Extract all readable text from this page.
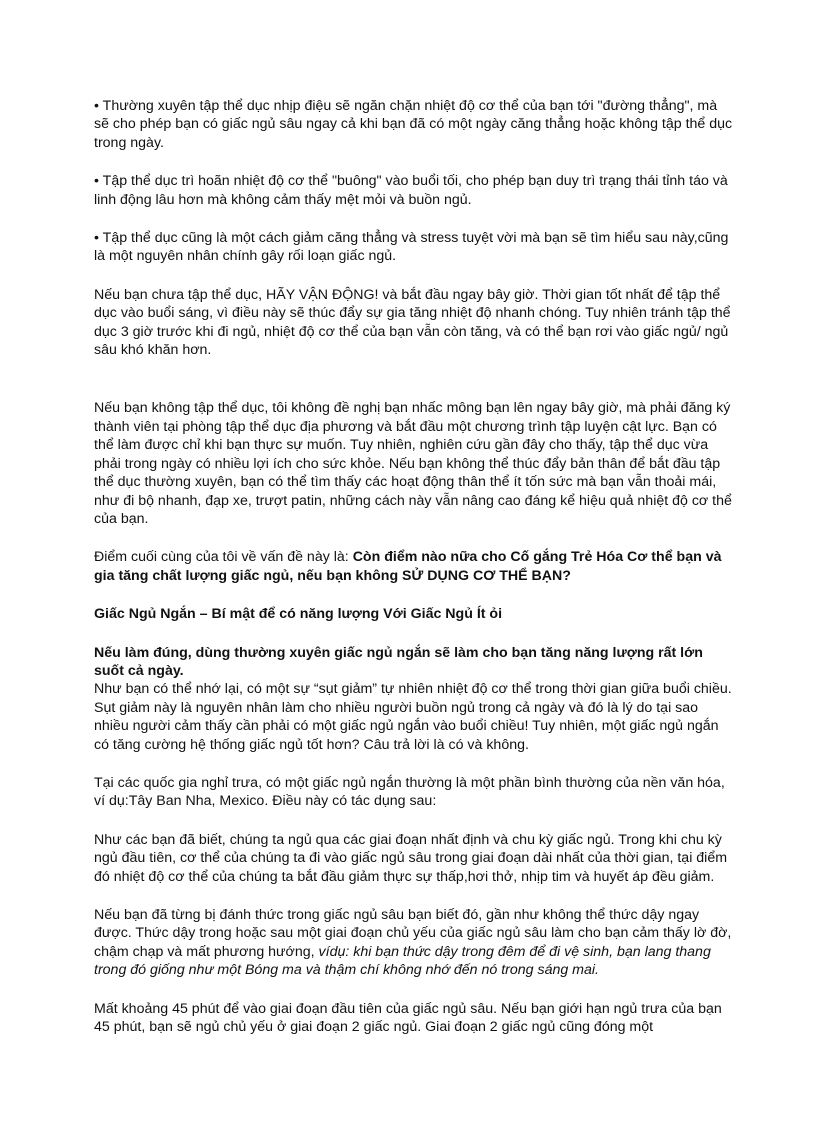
• Thường xuyên tập thể dục nhịp điệu sẽ ngăn chặn nhiệt độ cơ thể của bạn tới "đường thẳng", mà sẽ cho phép bạn có giấc ngủ sâu ngay cả khi bạn đã có một ngày căng thẳng hoặc không tập thể dục trong ngày.

• Tập thể dục trì hoãn nhiệt độ cơ thể "buông" vào buổi tối, cho phép bạn duy trì trạng thái tỉnh táo và linh động lâu hơn mà không cảm thấy mệt mỏi và buồn ngủ.

• Tập thể dục cũng là một cách giảm căng thẳng và stress tuyệt vời mà bạn sẽ tìm hiểu sau này,cũng là một nguyên nhân chính gây rối loạn giấc ngủ.

Nếu bạn chưa tập thể dục, HÃY VẬN ĐỘNG! và bắt đầu ngay bây giờ. Thời gian tốt nhất để tập thể dục vào buổi sáng, vì điều này sẽ thúc đẩy sự gia tăng nhiệt độ nhanh chóng. Tuy nhiên tránh tập thể dục 3 giờ trước khi đi ngủ, nhiệt độ cơ thể của bạn vẫn còn tăng, và có thể bạn rơi vào giấc ngủ/ ngủ sâu khó khăn hơn.

Nếu bạn không tập thể dục, tôi không đề nghị bạn nhấc mông bạn lên ngay bây giờ, mà phải đăng ký thành viên tại phòng tập thể dục địa phương và bắt đầu một chương trình tập luyện cật lực. Bạn có thể làm được chỉ khi bạn thực sự muốn. Tuy nhiên, nghiên cứu gần đây cho thấy, tập thể dục vừa phải trong ngày có nhiều lợi ích cho sức khỏe. Nếu bạn không thể thúc đẩy bản thân để bắt đầu tập thể dục thường xuyên, bạn có thể tìm thấy các hoạt động thân thể ít tốn sức mà bạn vẫn thoải mái, như đi bộ nhanh, đạp xe, trượt patin, những cách này vẫn nâng cao đáng kể hiệu quả nhiệt độ cơ thể của bạn.

Điểm cuối cùng của tôi về vấn đề này là: Còn điểm nào nữa cho Cố gắng Trẻ Hóa Cơ thể bạn và gia tăng chất lượng giấc ngủ, nếu bạn không SỬ DỤNG CƠ THỂ BẠN?

Giấc Ngủ Ngắn – Bí mật để có năng lượng Với Giấc Ngủ Ít ỏi

Nếu làm đúng, dùng thường xuyên giấc ngủ ngắn sẽ làm cho bạn tăng năng lượng rất lớn suốt cả ngày.

Như bạn có thể nhớ lại, có một sự “sụt giảm” tự nhiên nhiệt độ cơ thể trong thời gian giữa buổi chiều. Sụt giảm này là nguyên nhân làm cho nhiều người buồn ngủ trong cả ngày và đó là lý do tại sao nhiều người cảm thấy cần phải có một giấc ngủ ngắn vào buổi chiều! Tuy nhiên, một giấc ngủ ngắn có tăng cường hệ thống giấc ngủ tốt hơn? Câu trả lời là có và không.

Tại các quốc gia nghỉ trưa, có một giấc ngủ ngắn thường là một phần bình thường của nền văn hóa, ví dụ:Tây Ban Nha, Mexico. Điều này có tác dụng sau:

Như các bạn đã biết, chúng ta ngủ qua các giai đoạn nhất định và chu kỳ giấc ngủ. Trong khi chu kỳ ngủ đầu tiên, cơ thể của chúng ta đi vào giấc ngủ sâu trong giai đoạn dài nhất của thời gian, tại điểm đó nhiệt độ cơ thể của chúng ta bắt đầu giảm thực sự thấp,hơi thở, nhịp tim và huyết áp đều giảm.

Nếu bạn đã từng bị đánh thức trong giấc ngủ sâu bạn biết đó, gần như không thể thức dậy ngay được. Thức dậy trong hoặc sau một giai đoạn chủ yếu của giấc ngủ sâu làm cho bạn cảm thấy lờ đờ, chậm chạp và mất phương hướng, vídụ: khi bạn thức dậy trong đêm để đi vệ sinh, bạn lang thang trong đó giống như một Bóng ma và thậm chí không nhớ đến nó trong sáng mai.

Mất khoảng 45 phút để vào giai đoạn đầu tiên của giấc ngủ sâu. Nếu bạn giới hạn ngủ trưa của bạn 45 phút, bạn sẽ ngủ chủ yếu ở giai đoạn 2 giấc ngủ. Giai đoạn 2 giấc ngủ cũng đóng một
